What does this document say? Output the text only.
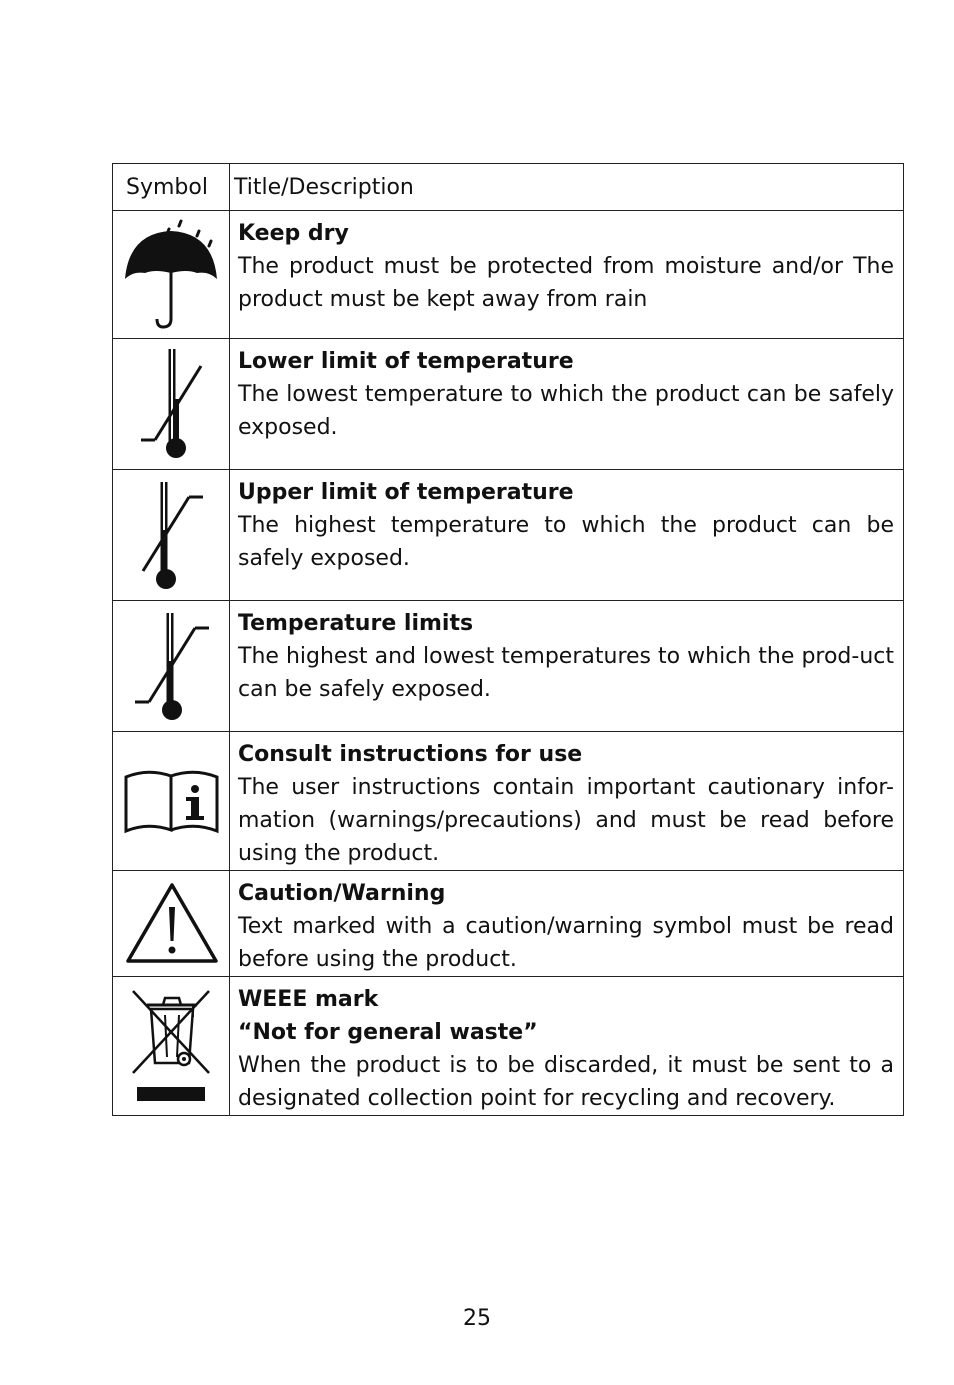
Symbol	Title/Description

Keep dry
The product must be protected from moisture and/or The product must be kept away from rain

Lower limit of temperature
The lowest temperature to which the product can be safely exposed.

Upper limit of temperature
The highest temperature to which the product can be safely exposed.

Temperature limits
The highest and lowest temperatures to which the prod-uct can be safely exposed.

Consult instructions for use
The user instructions contain important cautionary infor-mation (warnings/precautions) and must be read before using the product.

Caution/Warning
Text marked with a caution/warning symbol must be read before using the product.

WEEE mark
“Not for general waste”
When the product is to be discarded, it must be sent to a designated collection point for recycling and recovery.
25
